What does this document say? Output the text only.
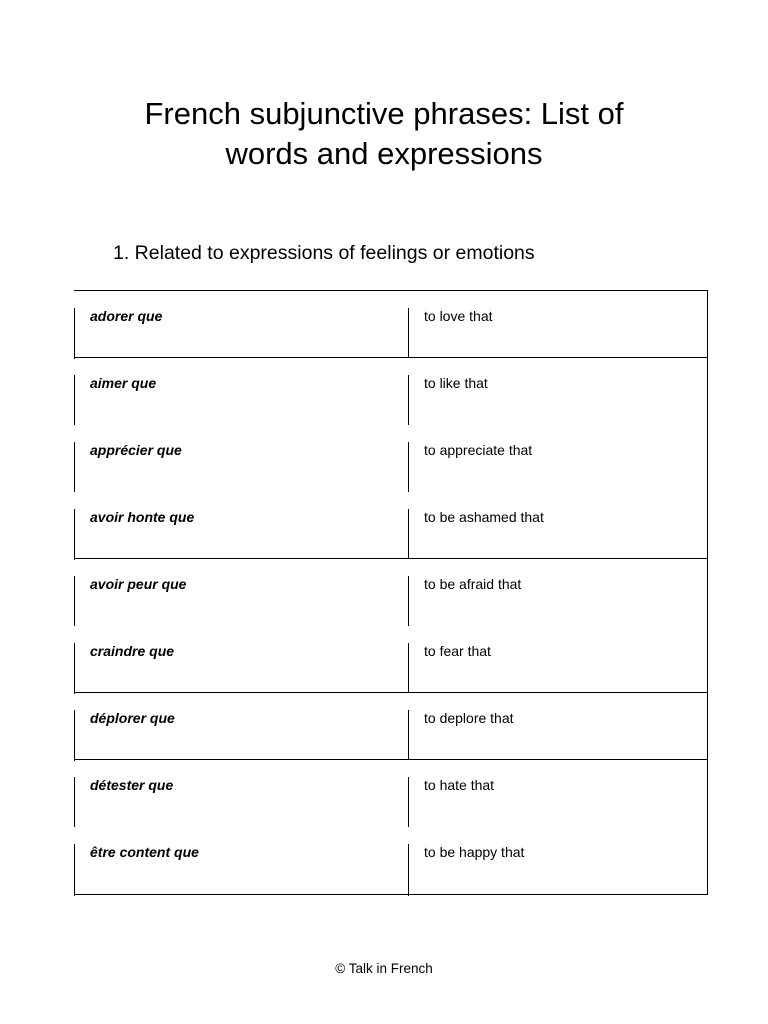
French subjunctive phrases: List of
words and expressions
1. Related to expressions of feelings or emotions
adorer que	to love that
aimer que	to like that
apprécier que	to appreciate that
avoir honte que	to be ashamed that
avoir peur que	to be afraid that
craindre que	to fear that
déplorer que	to deplore that
détester que	to hate that
être content que	to be happy that
© Talk in French
